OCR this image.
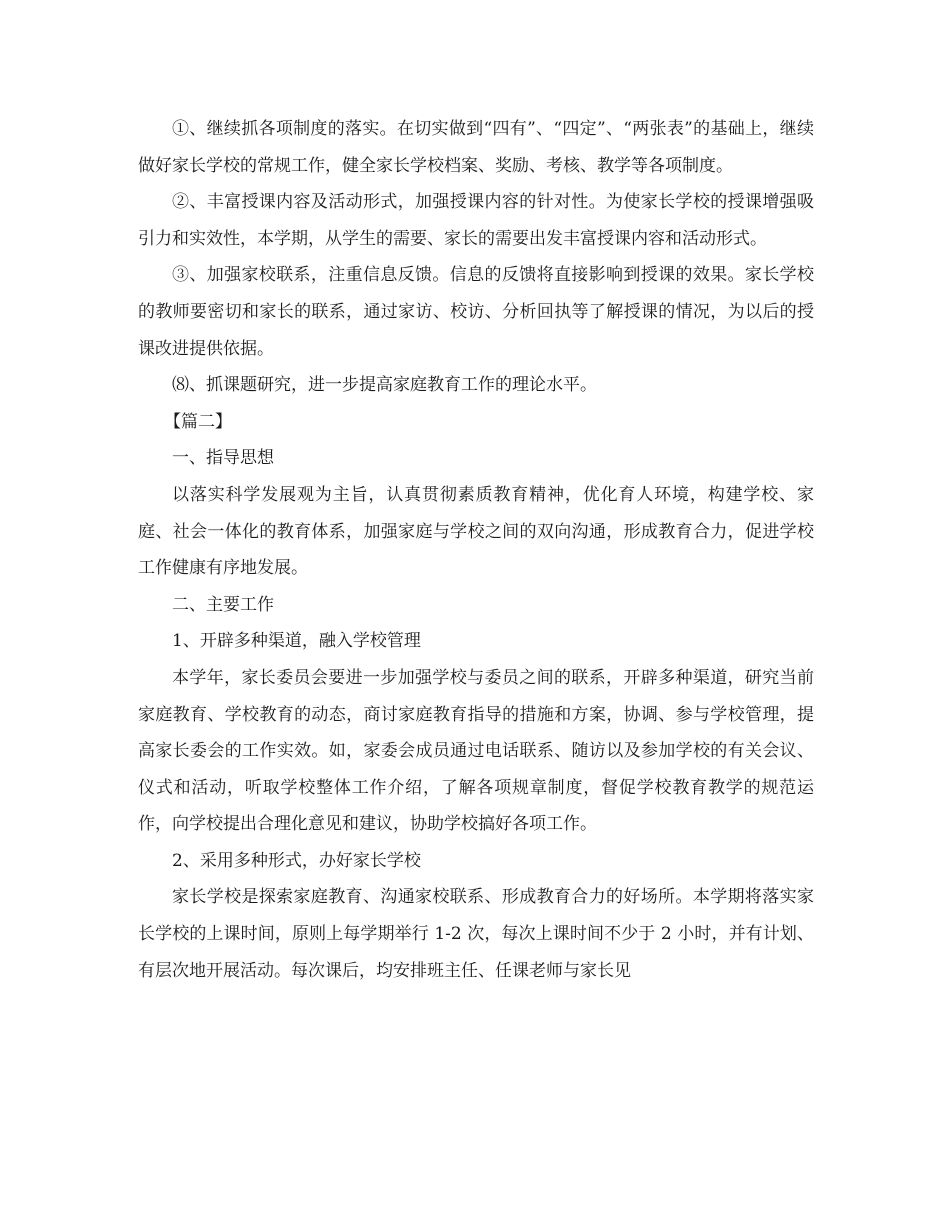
①、继续抓各项制度的落实。在切实做到“四有”、“四定”、“两张表”的基础上，继续做好家长学校的常规工作，健全家长学校档案、奖励、考核、教学等各项制度。

②、丰富授课内容及活动形式，加强授课内容的针对性。为使家长学校的授课增强吸引力和实效性，本学期，从学生的需要、家长的需要出发丰富授课内容和活动形式。

③、加强家校联系，注重信息反馈。信息的反馈将直接影响到授课的效果。家长学校的教师要密切和家长的联系，通过家访、校访、分析回执等了解授课的情况，为以后的授课改进提供依据。

⑻、抓课题研究，进一步提高家庭教育工作的理论水平。

【篇二】

一、指导思想

以落实科学发展观为主旨，认真贯彻素质教育精神，优化育人环境，构建学校、家庭、社会一体化的教育体系，加强家庭与学校之间的双向沟通，形成教育合力，促进学校工作健康有序地发展。

二、主要工作

1、开辟多种渠道，融入学校管理

本学年，家长委员会要进一步加强学校与委员之间的联系，开辟多种渠道，研究当前家庭教育、学校教育的动态，商讨家庭教育指导的措施和方案，协调、参与学校管理，提高家长委会的工作实效。如，家委会成员通过电话联系、随访以及参加学校的有关会议、仪式和活动，听取学校整体工作介绍，了解各项规章制度，督促学校教育教学的规范运作，向学校提出合理化意见和建议，协助学校搞好各项工作。

2、采用多种形式，办好家长学校

家长学校是探索家庭教育、沟通家校联系、形成教育合力的好场所。本学期将落实家长学校的上课时间，原则上每学期举行 1-2 次，每次上课时间不少于 2 小时，并有计划、有层次地开展活动。每次课后，均安排班主任、任课老师与家长见
